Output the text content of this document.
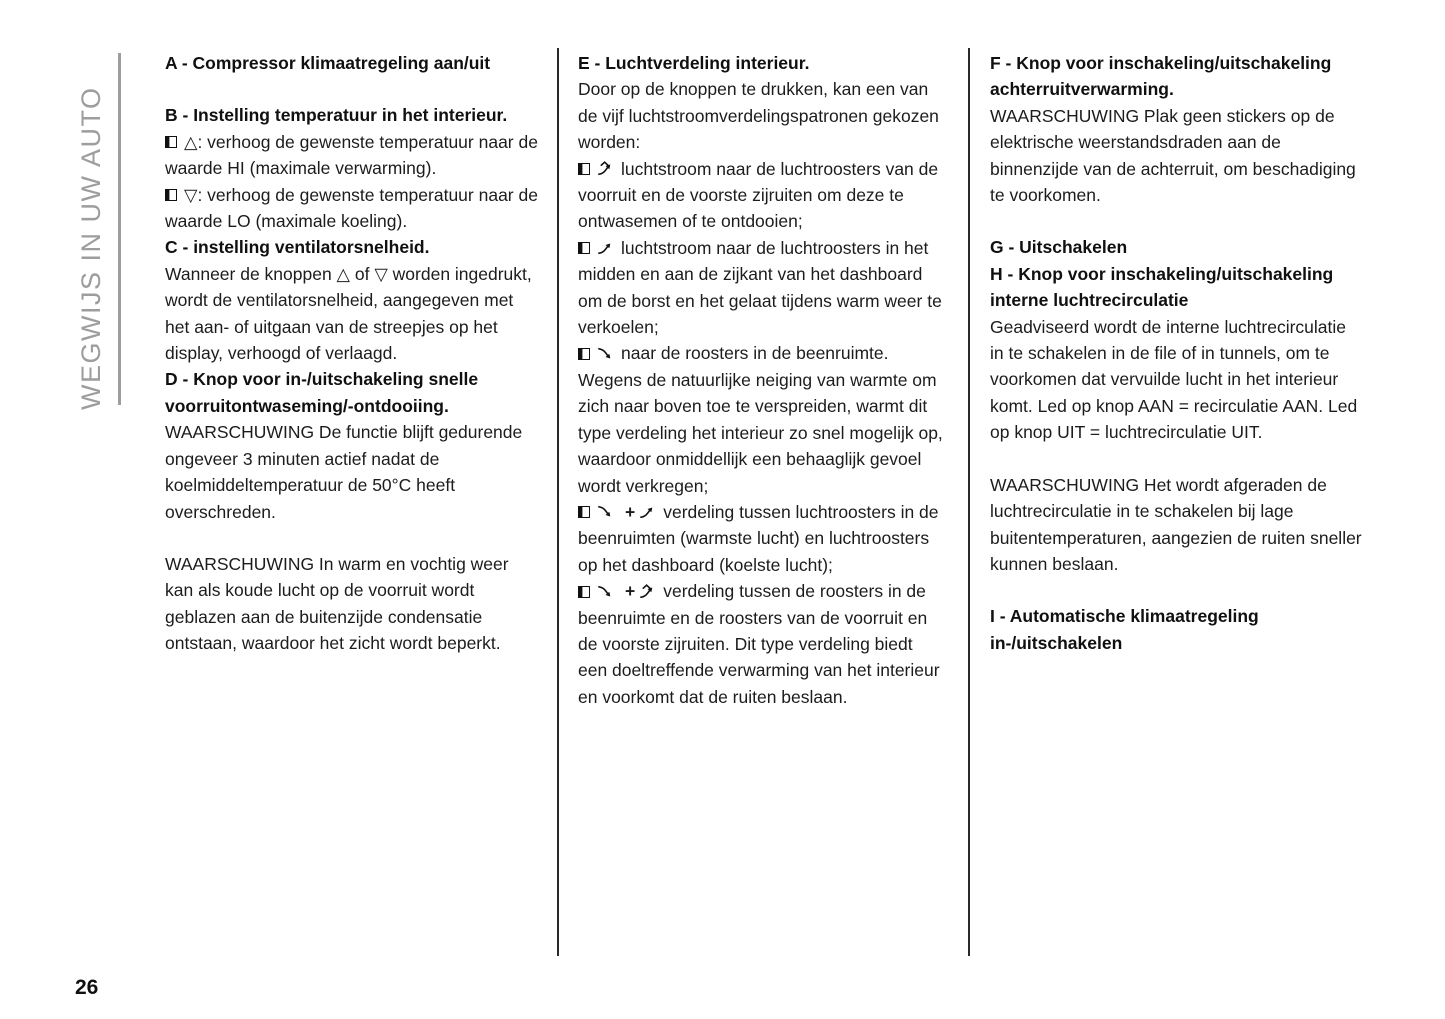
WEGWIJS IN UW AUTO

A - Compressor klimaatregeling aan/uit

B - Instelling temperatuur in het interieur.

△: verhoog de gewenste temperatuur naar de waarde HI (maximale verwarming).

▽: verhoog de gewenste temperatuur naar de waarde LO (maximale koeling).

C - instelling ventilatorsnelheid.

Wanneer de knoppen △ of ▽ worden ingedrukt, wordt de ventilatorsnelheid, aangegeven met het aan- of uitgaan van de streepjes op het display, verhoogd of verlaagd.

D - Knop voor in-/uitschakeling snelle voorruitontwaseming/-ontdooiing.

WAARSCHUWING De functie blijft gedurende ongeveer 3 minuten actief nadat de koelmiddeltemperatuur de 50°C heeft overschreden.

WAARSCHUWING In warm en vochtig weer kan als koude lucht op de voorruit wordt geblazen aan de buitenzijde condensatie ontstaan, waardoor het zicht wordt beperkt.

E - Luchtverdeling interieur.

Door op de knoppen te drukken, kan een van de vijf luchtstroomverdelingspatronen gekozen worden:

luchtstroom naar de luchtroosters van de voorruit en de voorste zijruiten om deze te ontwasemen of te ontdooien;

luchtstroom naar de luchtroosters in het midden en aan de zijkant van het dashboard om de borst en het gelaat tijdens warm weer te verkoelen;

naar de roosters in de beenruimte. Wegens de natuurlijke neiging van warmte om zich naar boven toe te verspreiden, warmt dit type verdeling het interieur zo snel mogelijk op, waardoor onmiddellijk een behaaglijk gevoel wordt verkregen;

+ verdeling tussen luchtroosters in de beenruimten (warmste lucht) en luchtroosters op het dashboard (koelste lucht);

+ verdeling tussen de roosters in de beenruimte en de roosters van de voorruit en de voorste zijruiten. Dit type verdeling biedt een doeltreffende verwarming van het interieur en voorkomt dat de ruiten beslaan.

F - Knop voor inschakeling/uitschakeling achterruitverwarming.

WAARSCHUWING Plak geen stickers op de elektrische weerstandsdraden aan de binnenzijde van de achterruit, om beschadiging te voorkomen.

G - Uitschakelen

H - Knop voor inschakeling/uitschakeling interne luchtrecirculatie

Geadviseerd wordt de interne luchtrecirculatie in te schakelen in de file of in tunnels, om te voorkomen dat vervuilde lucht in het interieur komt. Led op knop AAN = recirculatie AAN. Led op knop UIT = luchtrecirculatie UIT.

WAARSCHUWING Het wordt afgeraden de luchtrecirculatie in te schakelen bij lage buitentemperaturen, aangezien de ruiten sneller kunnen beslaan.

I - Automatische klimaatregeling in-/uitschakelen

26
